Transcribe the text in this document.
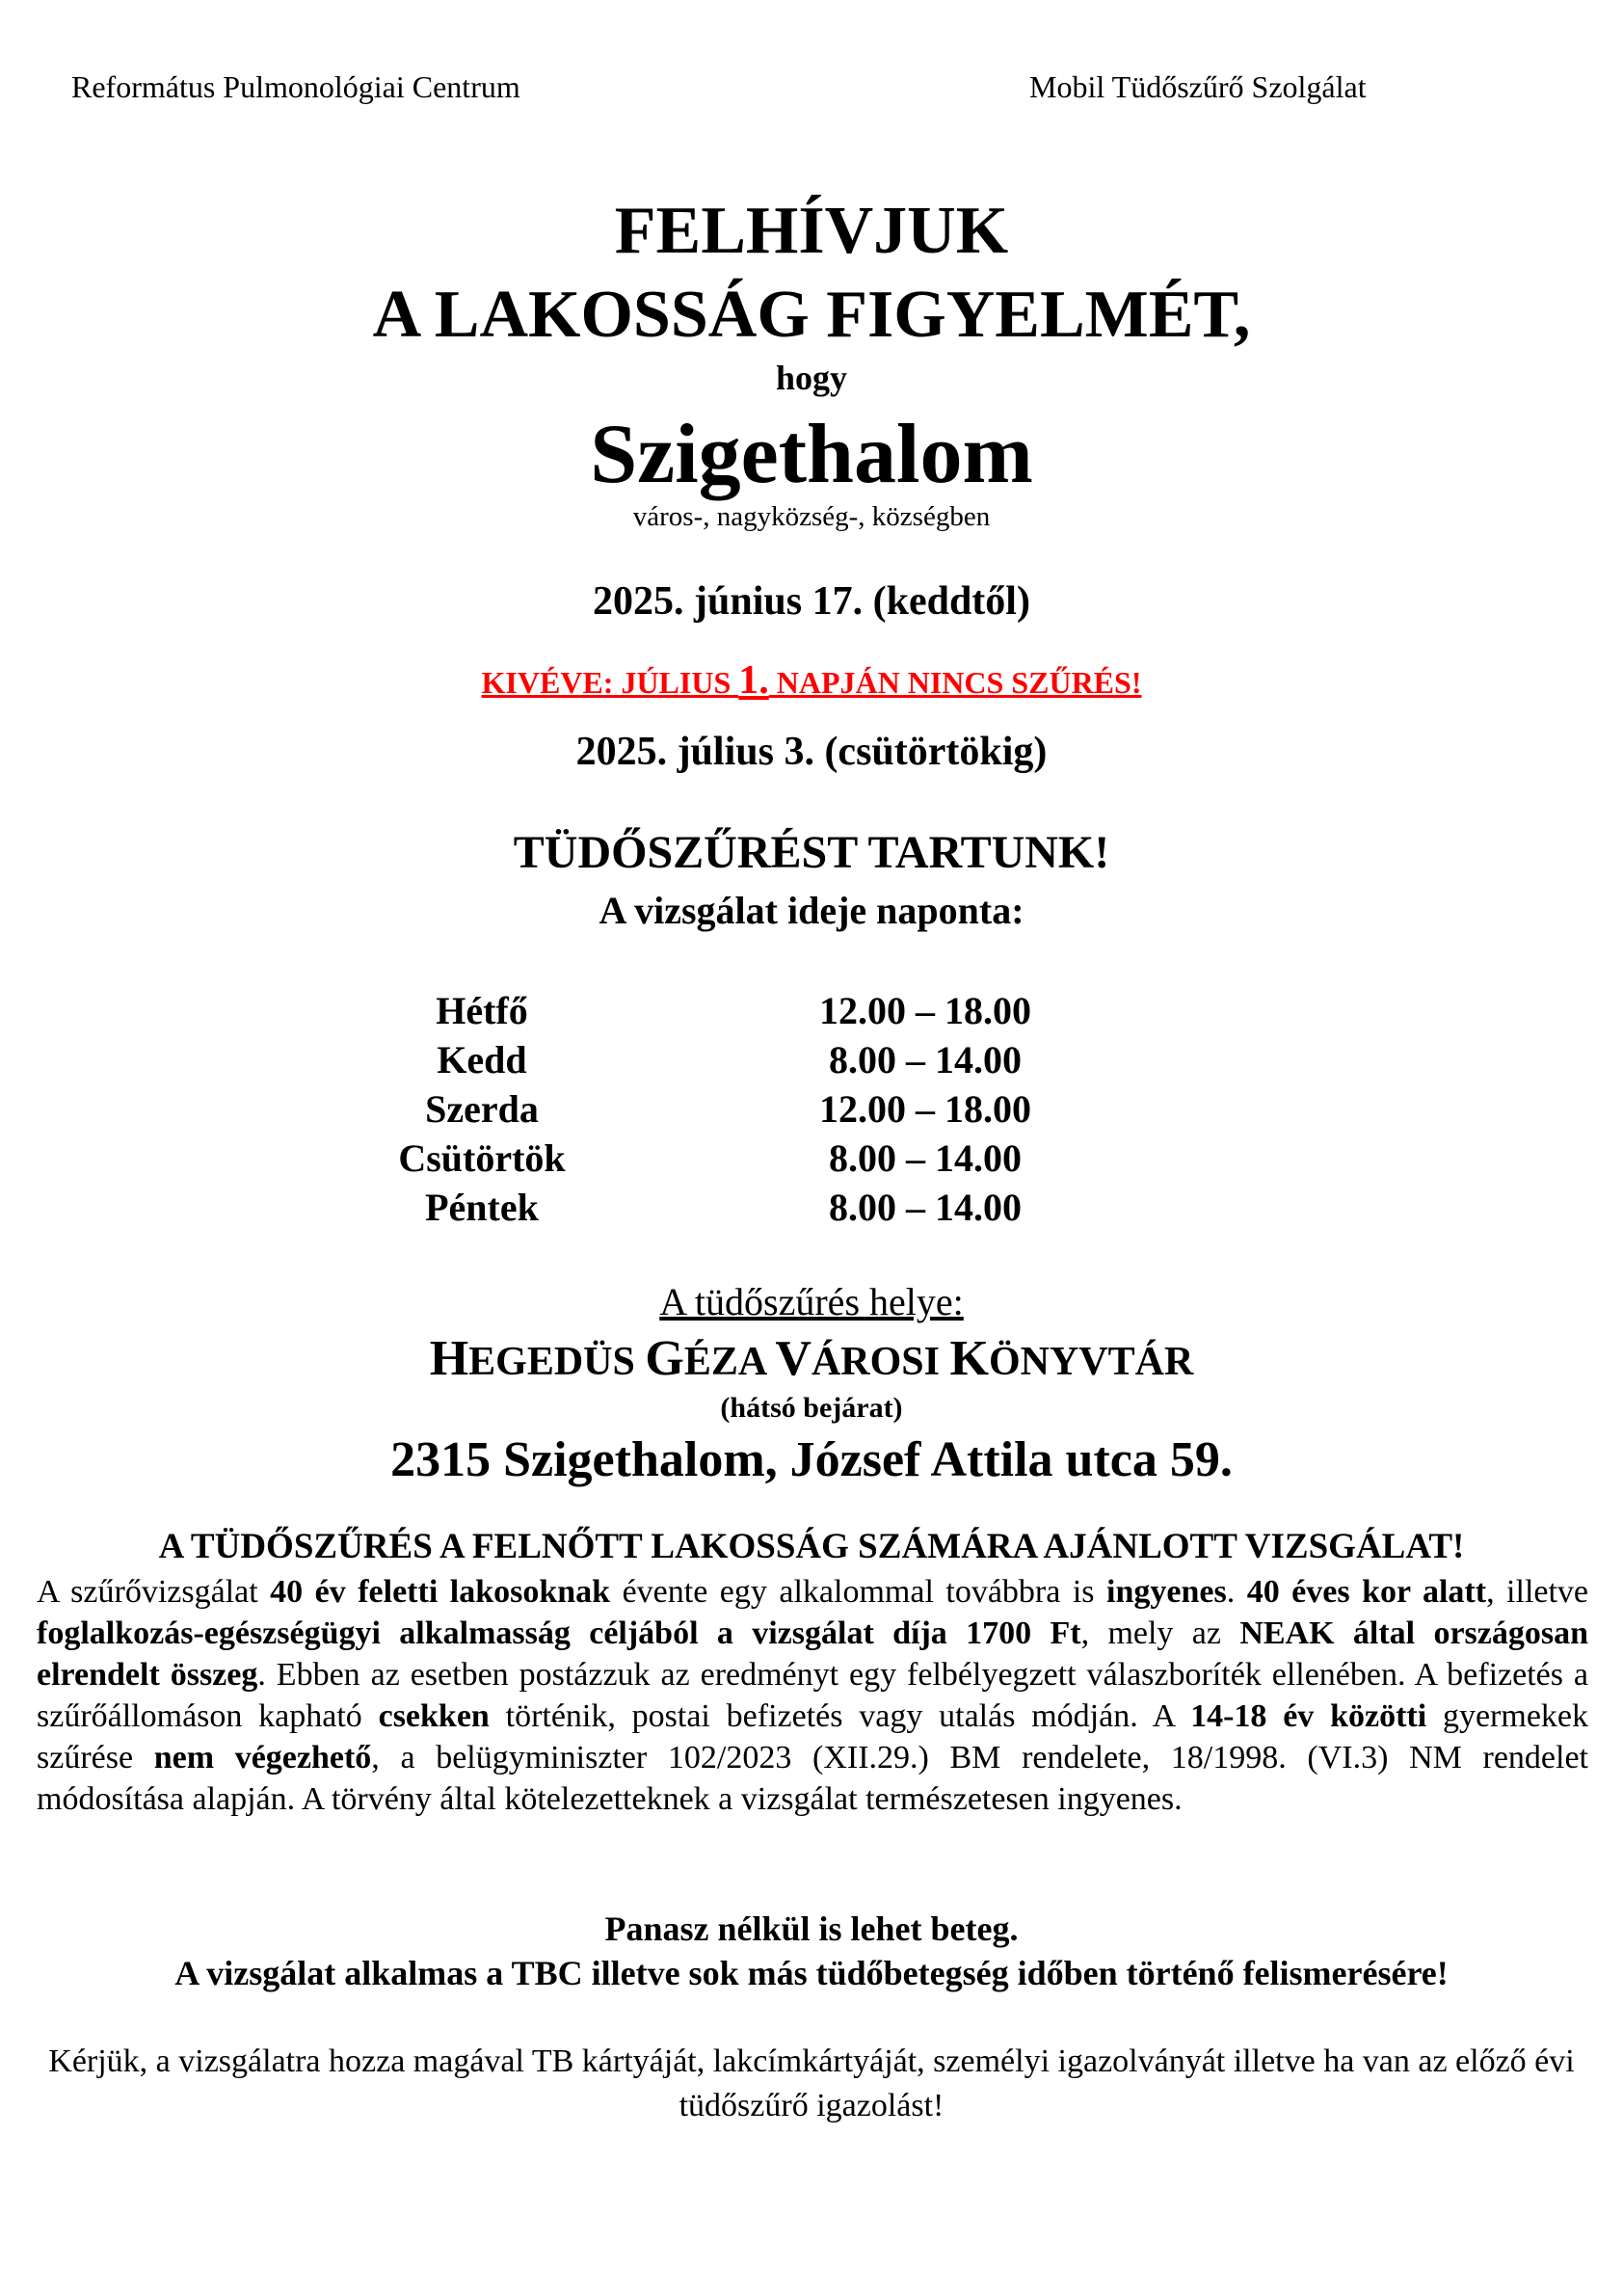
Református Pulmonológiai Centrum	Mobil Tüdőszűrő Szolgálat
FELHÍVJUK
A LAKOSSÁG FIGYELMÉT,
hogy
Szigethalom
város-, nagyközség-, községben
2025. június 17. (keddtől)
KIVÉVE: JÚLIUS 1. NAPJÁN NINCS SZŰRÉS!
2025. július 3. (csütörtökig)
TÜDŐSZŰRÉST TARTUNK!
A vizsgálat ideje naponta:
Hétfő	12.00 – 18.00
Kedd	8.00 – 14.00
Szerda	12.00 – 18.00
Csütörtök	8.00 – 14.00
Péntek	8.00 – 14.00
A tüdőszűrés helye:
HEGEDÜS GÉZA VÁROSI KÖNYVTÁR
(hátsó bejárat)
2315 Szigethalom, József Attila utca 59.
A TÜDŐSZŰRÉS A FELNŐTT LAKOSSÁG SZÁMÁRA AJÁNLOTT VIZSGÁLAT!
A szűrővizsgálat 40 év feletti lakosoknak évente egy alkalommal továbbra is ingyenes. 40 éves kor alatt, illetve foglalkozás-egészségügyi alkalmasság céljából a vizsgálat díja 1700 Ft, mely az NEAK által országosan elrendelt összeg. Ebben az esetben postázzuk az eredményt egy felbélyegzett válaszboríték ellenében. A befizetés a szűrőállomáson kapható csekken történik, postai befizetés vagy utalás módján. A 14-18 év közötti gyermekek szűrése nem végezhető, a belügyminiszter 102/2023 (XII.29.) BM rendelete, 18/1998. (VI.3) NM rendelet módosítása alapján. A törvény által kötelezetteknek a vizsgálat természetesen ingyenes.
Panasz nélkül is lehet beteg.
A vizsgálat alkalmas a TBC illetve sok más tüdőbetegség időben történő felismerésére!
Kérjük, a vizsgálatra hozza magával TB kártyáját, lakcímkártyáját, személyi igazolványát illetve ha van az előző évi tüdőszűrő igazolást!
